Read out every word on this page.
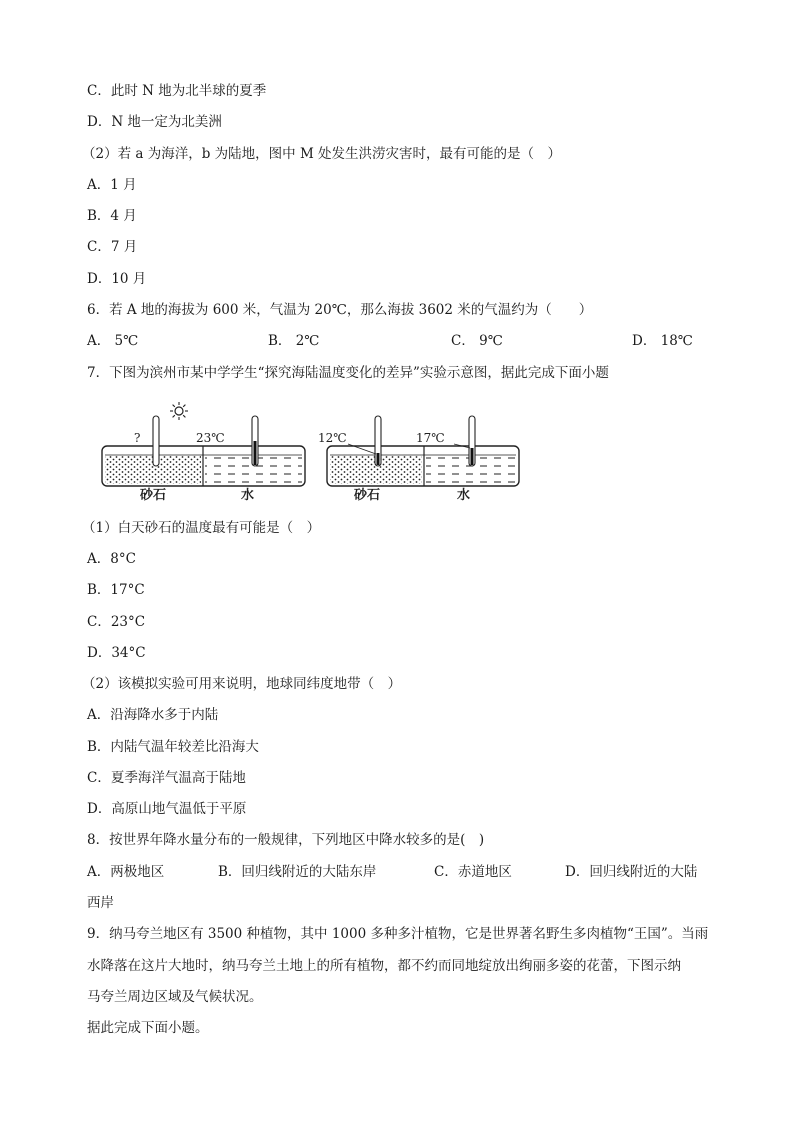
C．此时 N 地为北半球的夏季
D．N 地一定为北美洲
（2）若 a 为海洋，b 为陆地，图中 M 处发生洪涝灾害时，最有可能的是（　）
A．1 月
B．4 月
C．7 月
D．10 月
6．若 A 地的海拔为 600 米，气温为 20℃，那么海拔 3602 米的气温约为（　　）
A． 5℃	B． 2℃	C． 9℃	D． 18℃
7．下图为滨州市某中学学生“探究海陆温度变化的差异”实验示意图，据此完成下面小题
?	23℃
砂石	水
12℃	17℃
砂石	水
（1）白天砂石的温度最有可能是（　）
A．8°C
B．17°C
C．23°C
D．34°C
（2）该模拟实验可用来说明，地球同纬度地带（　）
A．沿海降水多于内陆
B．内陆气温年较差比沿海大
C．夏季海洋气温高于陆地
D．高原山地气温低于平原
8．按世界年降水量分布的一般规律，下列地区中降水较多的是(　)
A．两极地区	B．回归线附近的大陆东岸	C．赤道地区	D．回归线附近的大陆
西岸
9．纳马夸兰地区有 3500 种植物，其中 1000 多种多汁植物，它是世界著名野生多肉植物“王国”。当雨
水降落在这片大地时，纳马夸兰土地上的所有植物，都不约而同地绽放出绚丽多姿的花蕾，下图示纳
马夸兰周边区域及气候状况。
据此完成下面小题。
